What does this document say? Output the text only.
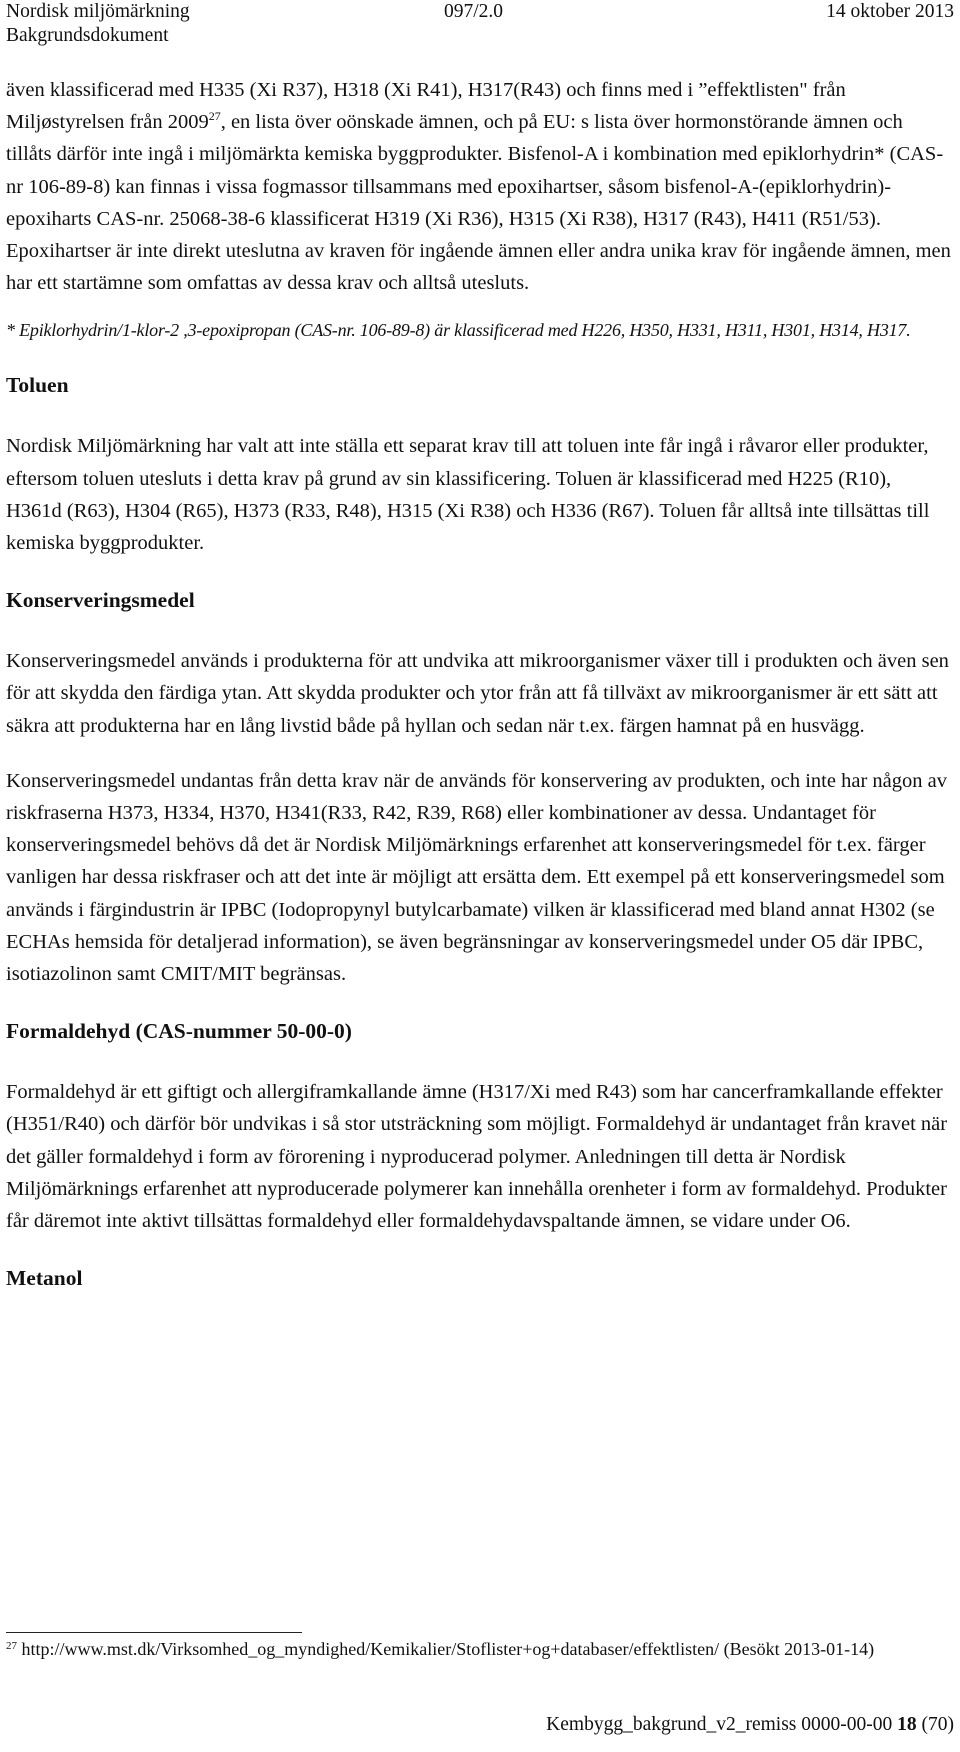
Nordisk miljömärkning	097/2.0	14 oktober 2013
Bakgrundsdokument

även klassificerad med H335 (Xi R37), H318 (Xi R41), H317(R43) och finns med i ”effektlisten" från Miljøstyrelsen från 2009$^{27}$, en lista över oönskade ämnen, och på EU: s lista över hormonstörande ämnen och tillåts därför inte ingå i miljömärkta kemiska byggprodukter. Bisfenol-A i kombination med epiklorhydrin* (CAS-nr 106-89-8) kan finnas i vissa fogmassor tillsammans med epoxihartser, såsom bisfenol-A-(epiklorhydrin)-epoxiharts CAS-nr. 25068-38-6 klassificerat H319 (Xi R36), H315 (Xi R38), H317 (R43), H411 (R51/53). Epoxihartser är inte direkt uteslutna av kraven för ingående ämnen eller andra unika krav för ingående ämnen, men har ett startämne som omfattas av dessa krav och alltså utesluts.

* Epiklorhydrin/1-klor-2 ,3-epoxipropan (CAS-nr. 106-89-8) är klassificerad med H226, H350, H331, H311, H301, H314, H317.

Toluen

Nordisk Miljömärkning har valt att inte ställa ett separat krav till att toluen inte får ingå i råvaror eller produkter, eftersom toluen utesluts i detta krav på grund av sin klassificering. Toluen är klassificerad med H225 (R10), H361d (R63), H304 (R65), H373 (R33, R48), H315 (Xi R38) och H336 (R67). Toluen får alltså inte tillsättas till kemiska byggprodukter.

Konserveringsmedel

Konserveringsmedel används i produkterna för att undvika att mikroorganismer växer till i produkten och även sen för att skydda den färdiga ytan. Att skydda produkter och ytor från att få tillväxt av mikroorganismer är ett sätt att säkra att produkterna har en lång livstid både på hyllan och sedan när t.ex. färgen hamnat på en husvägg.

Konserveringsmedel undantas från detta krav när de används för konservering av produkten, och inte har någon av riskfraserna H373, H334, H370, H341(R33, R42, R39, R68) eller kombinationer av dessa. Undantaget för konserveringsmedel behövs då det är Nordisk Miljömärknings erfarenhet att konserveringsmedel för t.ex. färger vanligen har dessa riskfraser och att det inte är möjligt att ersätta dem. Ett exempel på ett konserveringsmedel som används i färgindustrin är IPBC (Iodopropynyl butylcarbamate) vilken är klassificerad med bland annat H302 (se ECHAs hemsida för detaljerad information), se även begränsningar av konserveringsmedel under O5 där IPBC, isotiazolinon samt CMIT/MIT begränsas.

Formaldehyd (CAS-nummer 50-00-0)

Formaldehyd är ett giftigt och allergiframkallande ämne (H317/Xi med R43) som har cancerframkallande effekter (H351/R40) och därför bör undvikas i så stor utsträckning som möjligt. Formaldehyd är undantaget från kravet när det gäller formaldehyd i form av förorening i nyproducerad polymer. Anledningen till detta är Nordisk Miljömärknings erfarenhet att nyproducerade polymerer kan innehålla orenheter i form av formaldehyd. Produkter får däremot inte aktivt tillsättas formaldehyd eller formaldehydavspaltande ämnen, se vidare under O6.

Metanol
$^{27}$ http://www.mst.dk/Virksomhed_og_myndighed/Kemikalier/Stoflister+og+databaser/effektlisten/ (Besökt 2013-01-14)
Kembygg_bakgrund_v2_remiss 0000-00-00 18 (70)
